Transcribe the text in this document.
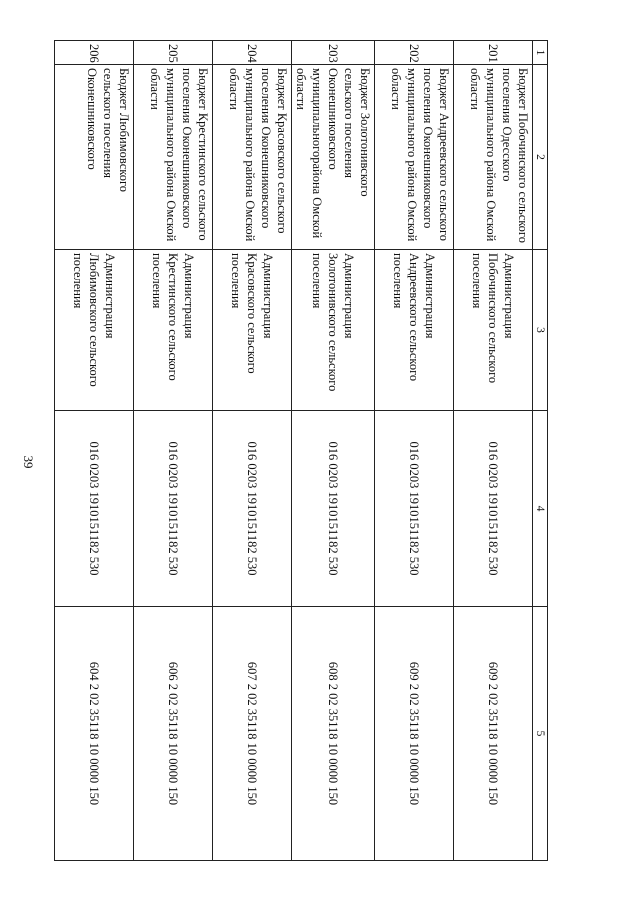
39
1	2	3	4	5
201	Бюджет Побочинского сельского поселения Одесского муниципального района Омской области	Администрация Побочинского сельского поселения	016 0203 1910151182 530	609 2 02 35118 10 0000 150
202	Бюджет Андреевского сельского поселения Оконешниковского муниципального района Омской области	Администрация Андреевского сельского поселения	016 0203 1910151182 530	609 2 02 35118 10 0000 150
203	Бюджет Золотонивского сельского поселения Оконешниковского муниципальногорайона Омской области	Администрация Золотонивского сельского поселения	016 0203 1910151182 530	608 2 02 35118 10 0000 150
204	Бюджет Красовского сельского поселения Оконешниковского муниципального района Омской области	Администрация Красовского сельского поселения	016 0203 1910151182 530	607 2 02 35118 10 0000 150
205	Бюджет Крестинского сельского поселения Оконешниковского муниципального района Омской области	Администрация Крестинского сельского поселения	016 0203 1910151182 530	606 2 02 35118 10 0000 150
206	Бюджет Любимовского сельского поселения Оконешниковского	Администрация Любимовского сельского поселения	016 0203 1910151182 530	604 2 02 35118 10 0000 150
